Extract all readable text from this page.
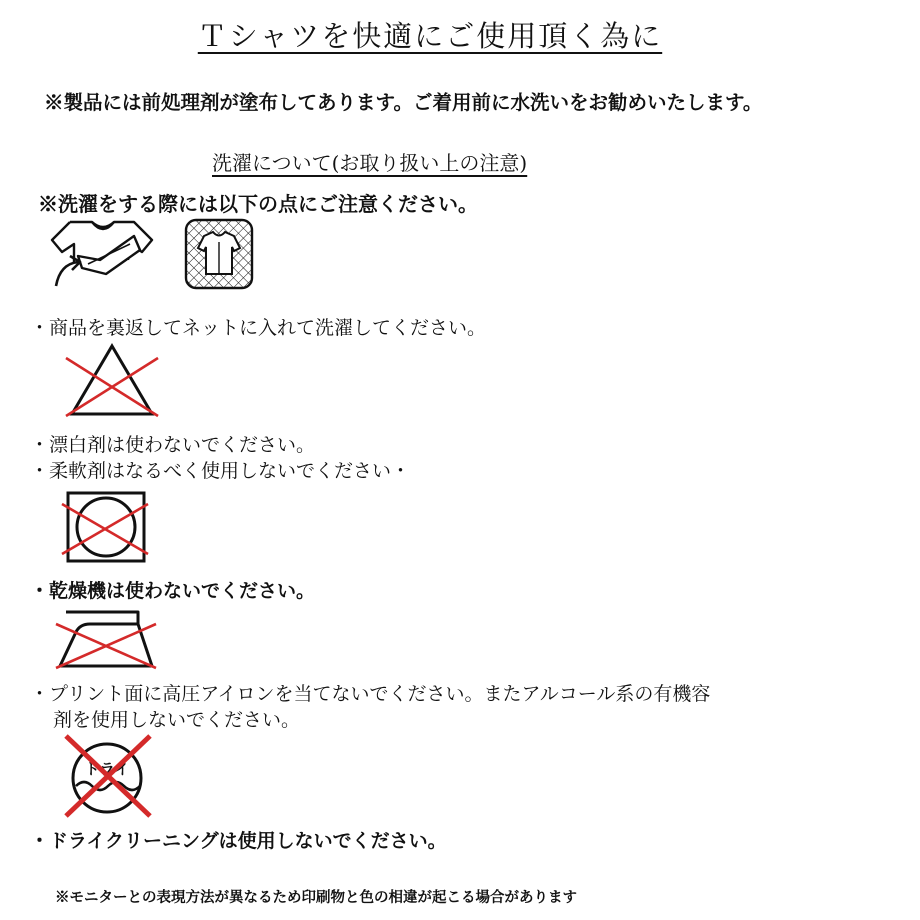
Ｔシャツを快適にご使用頂く為に
※製品には前処理剤が塗布してあります。ご着用前に水洗いをお勧めいたします。
洗濯について(お取り扱い上の注意)
※洗濯をする際には以下の点にご注意ください。
・商品を裏返してネットに入れて洗濯してください。
・漂白剤は使わないでください。
・柔軟剤はなるべく使用しないでください・
・乾燥機は使わないでください。
・プリント面に高圧アイロンを当てないでください。またアルコール系の有機容
剤を使用しないでください。
ドライ
・ドライクリーニングは使用しないでください。
※モニターとの表現方法が異なるため印刷物と色の相違が起こる場合があります
